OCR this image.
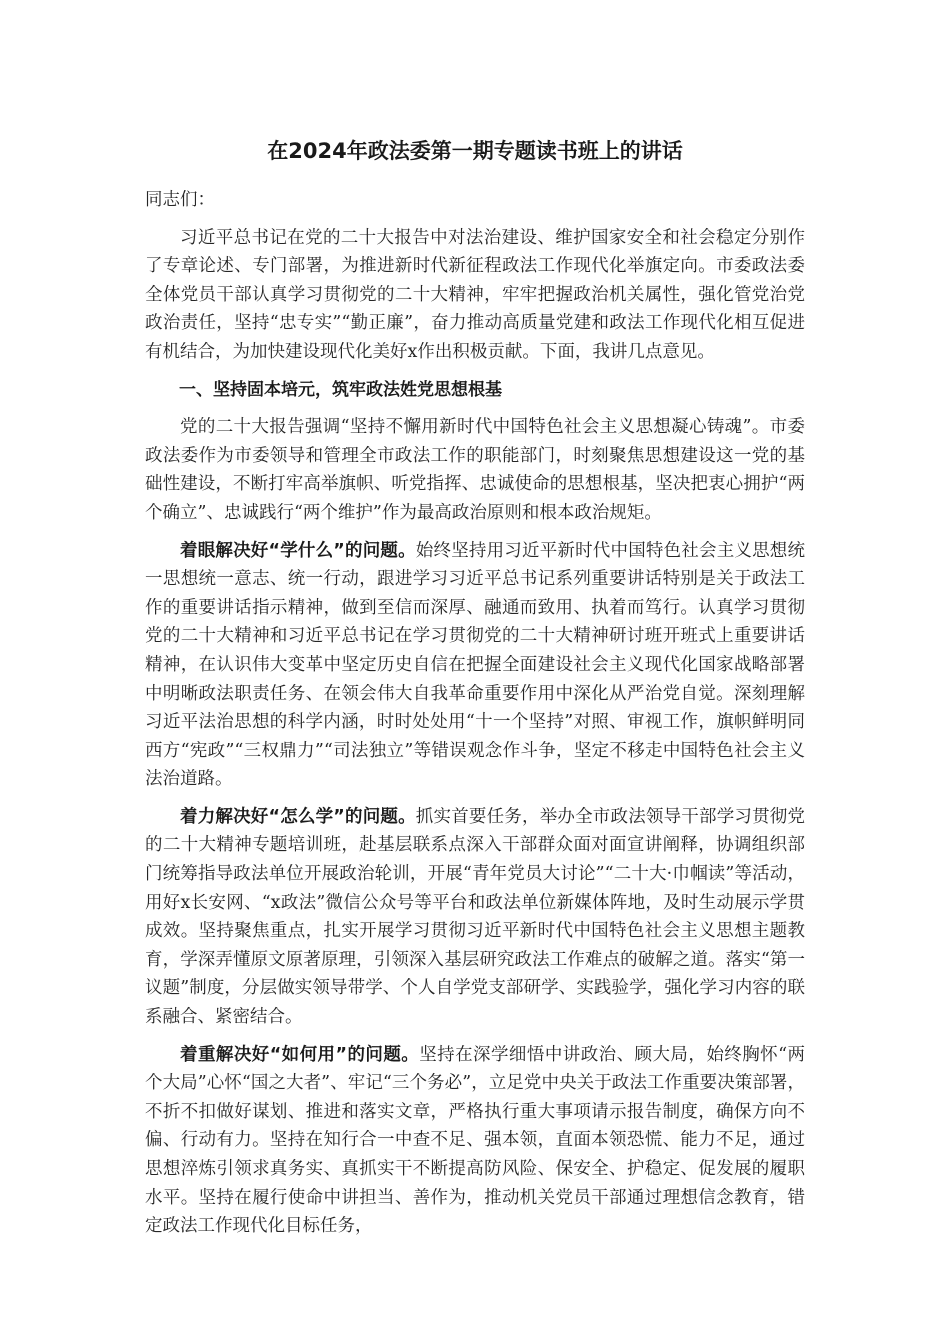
在2024年政法委第一期专题读书班上的讲话

同志们：

习近平总书记在党的二十大报告中对法治建设、维护国家安全和社会稳定分别作了专章论述、专门部署，为推进新时代新征程政法工作现代化举旗定向。市委政法委全体党员干部认真学习贯彻党的二十大精神，牢牢把握政治机关属性，强化管党治党政治责任，坚持“忠专实”“勤正廉”，奋力推动高质量党建和政法工作现代化相互促进有机结合，为加快建设现代化美好x作出积极贡献。下面，我讲几点意见。

一、坚持固本培元，筑牢政法姓党思想根基

党的二十大报告强调“坚持不懈用新时代中国特色社会主义思想凝心铸魂”。市委政法委作为市委领导和管理全市政法工作的职能部门，时刻聚焦思想建设这一党的基础性建设，不断打牢高举旗帜、听党指挥、忠诚使命的思想根基，坚决把衷心拥护“两个确立”、忠诚践行“两个维护”作为最高政治原则和根本政治规矩。

着眼解决好“学什么”的问题。始终坚持用习近平新时代中国特色社会主义思想统一思想统一意志、统一行动，跟进学习习近平总书记系列重要讲话特别是关于政法工作的重要讲话指示精神，做到至信而深厚、融通而致用、执着而笃行。认真学习贯彻党的二十大精神和习近平总书记在学习贯彻党的二十大精神研讨班开班式上重要讲话精神，在认识伟大变革中坚定历史自信在把握全面建设社会主义现代化国家战略部署中明晰政法职责任务、在领会伟大自我革命重要作用中深化从严治党自觉。深刻理解习近平法治思想的科学内涵，时时处处用“十一个坚持”对照、审视工作，旗帜鲜明同西方“宪政”“三权鼎力”“司法独立”等错误观念作斗争，坚定不移走中国特色社会主义法治道路。

着力解决好“怎么学”的问题。抓实首要任务，举办全市政法领导干部学习贯彻党的二十大精神专题培训班，赴基层联系点深入干部群众面对面宣讲阐释，协调组织部门统筹指导政法单位开展政治轮训，开展“青年党员大讨论”“二十大·巾帼读”等活动，用好x长安网、“x政法”微信公众号等平台和政法单位新媒体阵地，及时生动展示学贯成效。坚持聚焦重点，扎实开展学习贯彻习近平新时代中国特色社会主义思想主题教育，学深弄懂原文原著原理，引领深入基层研究政法工作难点的破解之道。落实“第一议题”制度，分层做实领导带学、个人自学党支部研学、实践验学，强化学习内容的联系融合、紧密结合。

着重解决好“如何用”的问题。坚持在深学细悟中讲政治、顾大局，始终胸怀“两个大局”心怀“国之大者”、牢记“三个务必”，立足党中央关于政法工作重要决策部署，不折不扣做好谋划、推进和落实文章，严格执行重大事项请示报告制度，确保方向不偏、行动有力。坚持在知行合一中查不足、强本领，直面本领恐慌、能力不足，通过思想淬炼引领求真务实、真抓实干不断提高防风险、保安全、护稳定、促发展的履职水平。坚持在履行使命中讲担当、善作为，推动机关党员干部通过理想信念教育，错定政法工作现代化目标任务，
